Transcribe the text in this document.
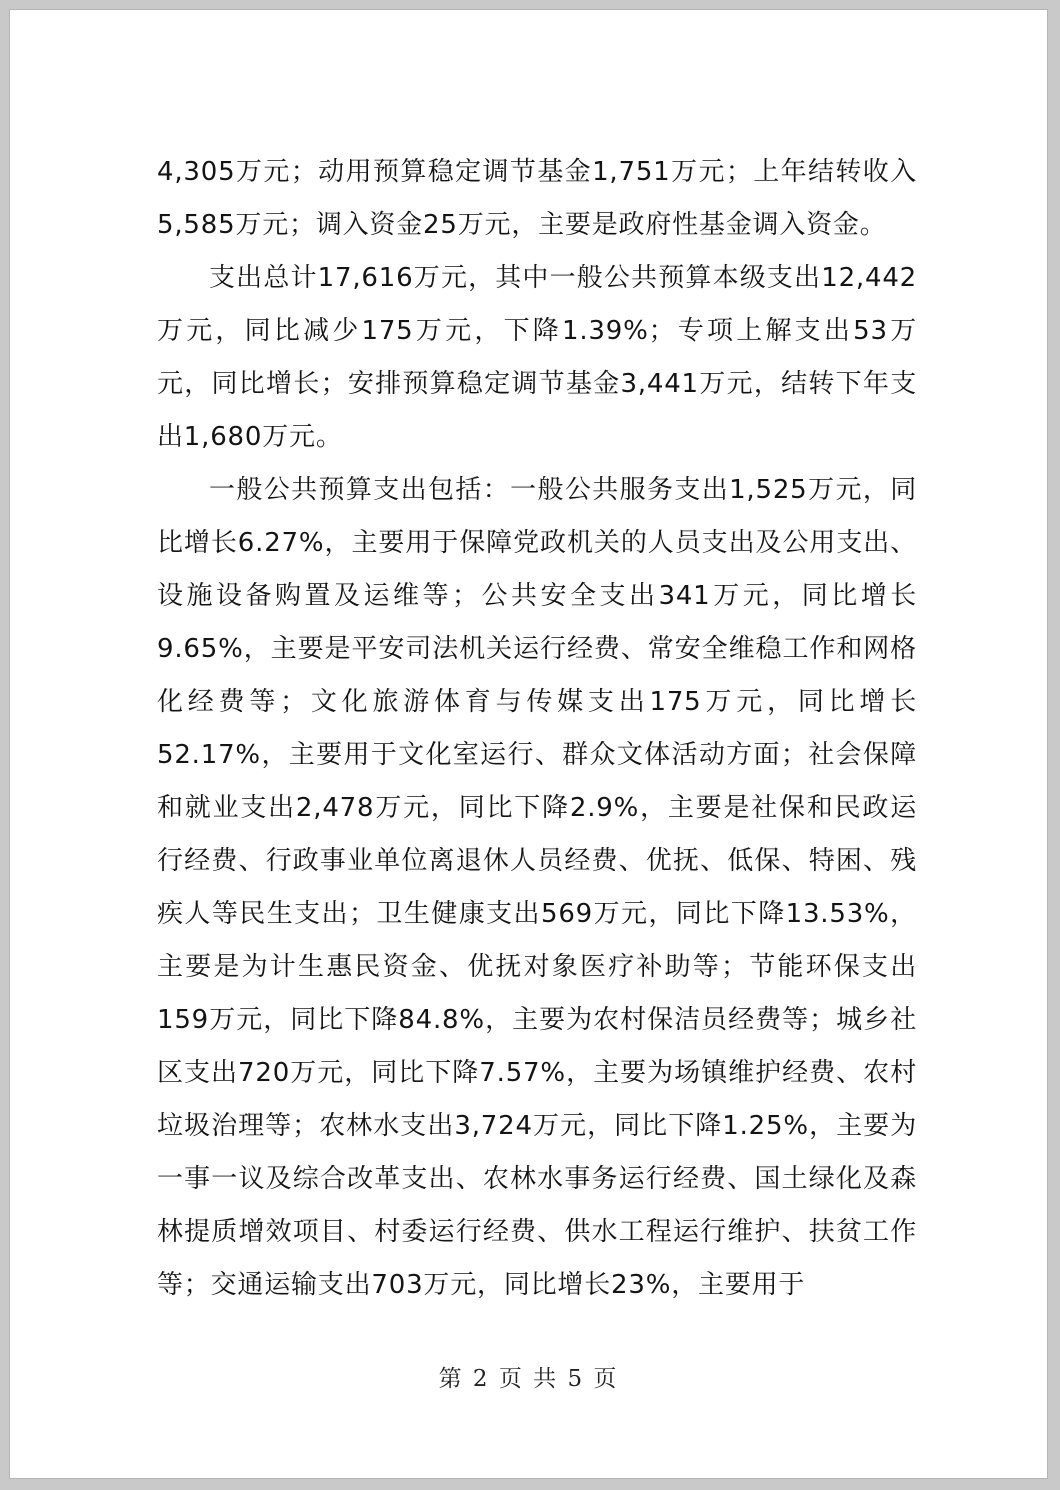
4,305万元；动用预算稳定调节基金1,751万元；上年结转收入5,585万元；调入资金25万元，主要是政府性基金调入资金。

支出总计17,616万元，其中一般公共预算本级支出12,442万元，同比减少175万元，下降1.39%；专项上解支出53万元，同比增长；安排预算稳定调节基金3,441万元，结转下年支出1,680万元。

一般公共预算支出包括：一般公共服务支出1,525万元，同比增长6.27%，主要用于保障党政机关的人员支出及公用支出、设施设备购置及运维等；公共安全支出341万元，同比增长9.65%，主要是平安司法机关运行经费、常安全维稳工作和网格化经费等；文化旅游体育与传媒支出175万元，同比增长52.17%，主要用于文化室运行、群众文体活动方面；社会保障和就业支出2,478万元，同比下降2.9%，主要是社保和民政运行经费、行政事业单位离退休人员经费、优抚、低保、特困、残疾人等民生支出；卫生健康支出569万元，同比下降13.53%，主要是为计生惠民资金、优抚对象医疗补助等；节能环保支出159万元，同比下降84.8%，主要为农村保洁员经费等；城乡社区支出720万元，同比下降7.57%，主要为场镇维护经费、农村垃圾治理等；农林水支出3,724万元，同比下降1.25%，主要为一事一议及综合改革支出、农林水事务运行经费、国土绿化及森林提质增效项目、村委运行经费、供水工程运行维护、扶贫工作等；交通运输支出703万元，同比增长23%，主要用于

第 2 页 共 5 页
